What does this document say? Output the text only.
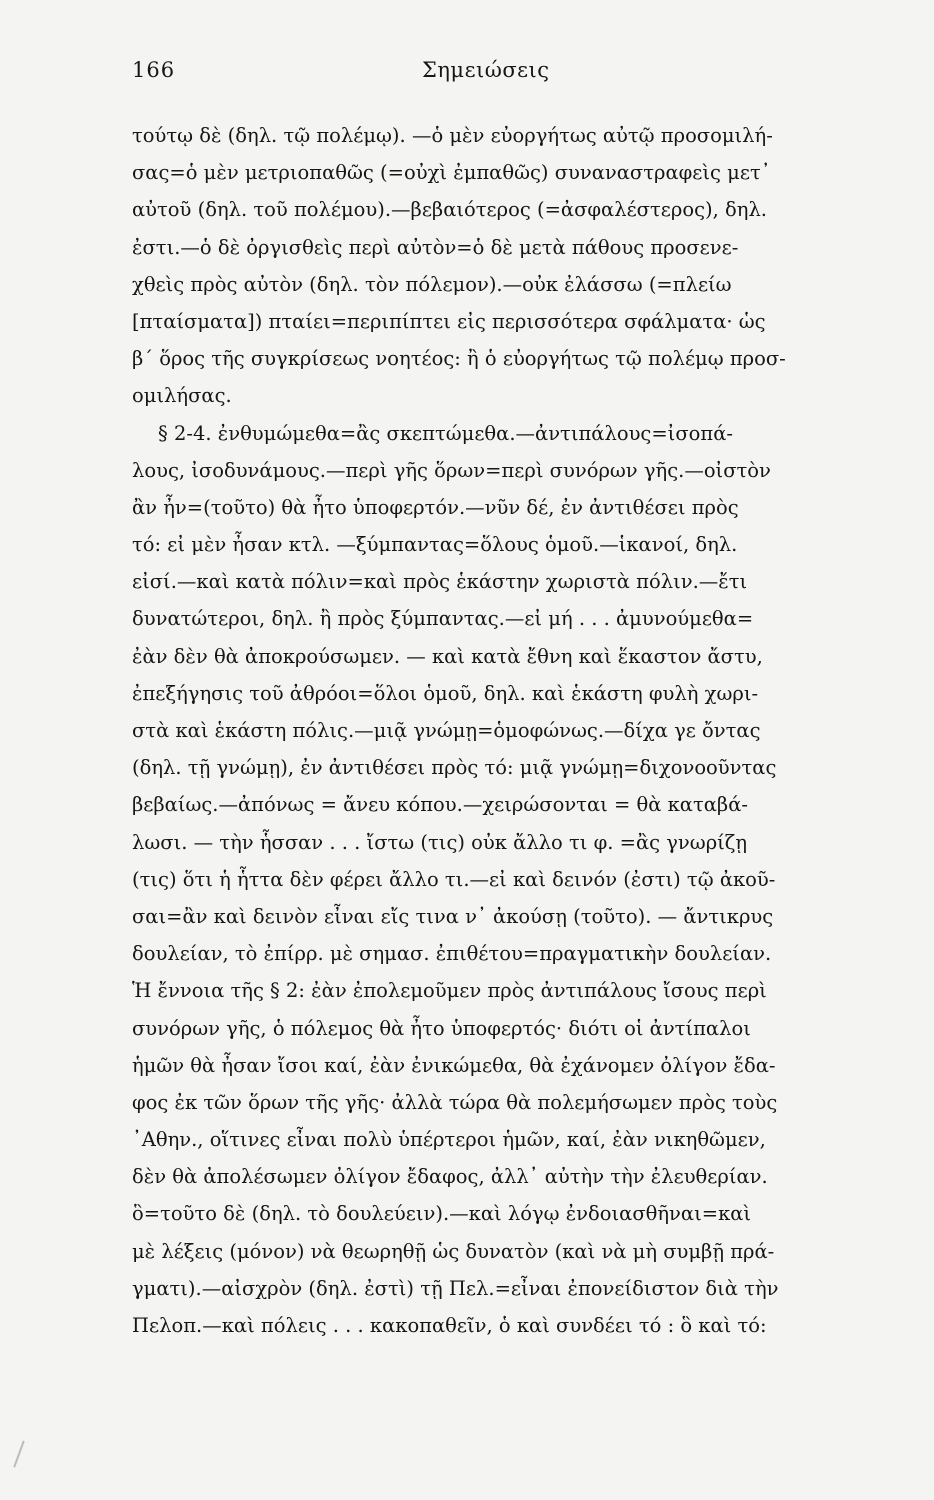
166	Σημειώσεις
τούτῳ δὲ (δηλ. τῷ πολέμῳ). —ὁ μὲν εὐοργήτως αὐτῷ προσομιλή-
σας=ὁ μὲν μετριοπαθῶς (=οὐχὶ ἐμπαθῶς) συναναστραφεὶς μετ᾽
αὐτοῦ (δηλ. τοῦ πολέμου).—βεβαιότερος (=ἀσφαλέστερος), δηλ.
ἐστι.—ὁ δὲ ὀργισθεὶς περὶ αὐτὸν=ὁ δὲ μετὰ πάθους προσενε-
χθεὶς πρὸς αὐτὸν (δηλ. τὸν πόλεμον).—οὐκ ἐλάσσω (=πλείω
[πταίσματα]) πταίει=περιπίπτει εἰς περισσότερα σφάλματα· ὡς
β΄ ὅρος τῆς συγκρίσεως νοητέος: ἢ ὁ εὐοργήτως τῷ πολέμῳ προσ-
ομιλήσας.
§ 2-4. ἐνθυμώμεθα=ἂς σκεπτώμεθα.—ἀντιπάλους=ἰσοπά-
λους, ἰσοδυνάμους.—περὶ γῆς ὅρων=περὶ συνόρων γῆς.—οἰστὸν
ἂν ἦν=(τοῦτο) θὰ ἦτο ὑποφερτόν.—νῦν δέ, ἐν ἀντιθέσει πρὸς
τό: εἰ μὲν ἦσαν κτλ. —ξύμπαντας=ὅλους ὁμοῦ.—ἱκανοί, δηλ.
εἰσί.—καὶ κατὰ πόλιν=καὶ πρὸς ἑκάστην χωριστὰ πόλιν.—ἔτι
δυνατώτεροι, δηλ. ἢ πρὸς ξύμπαντας.—εἰ μή . . . ἀμυνούμεθα=
ἐὰν δὲν θὰ ἀποκρούσωμεν. — καὶ κατὰ ἔθνη καὶ ἕκαστον ἄστυ,
ἐπεξήγησις τοῦ ἀθρόοι=ὅλοι ὁμοῦ, δηλ. καὶ ἑκάστη φυλὴ χωρι-
στὰ καὶ ἑκάστη πόλις.—μιᾷ γνώμῃ=ὁμοφώνως.—δίχα γε ὄντας
(δηλ. τῇ γνώμῃ), ἐν ἀντιθέσει πρὸς τό: μιᾷ γνώμῃ=διχονοοῦντας
βεβαίως.—ἀπόνως = ἄνευ κόπου.—χειρώσονται = θὰ καταβά-
λωσι. — τὴν ἧσσαν . . . ἴστω (τις) οὐκ ἄλλο τι φ. =ἂς γνωρίζῃ
(τις) ὅτι ἡ ἧττα δὲν φέρει ἄλλο τι.—εἰ καὶ δεινόν (ἐστι) τῷ ἀκοῦ-
σαι=ἂν καὶ δεινὸν εἶναι εἴς τινα ν᾽ ἀκούσῃ (τοῦτο). — ἄντικρυς
δουλείαν, τὸ ἐπίρρ. μὲ σημασ. ἐπιθέτου=πραγματικὴν δουλείαν.
Ἡ ἔννοια τῆς § 2: ἐὰν ἐπολεμοῦμεν πρὸς ἀντιπάλους ἴσους περὶ
συνόρων γῆς, ὁ πόλεμος θὰ ἦτο ὑποφερτός· διότι οἱ ἀντίπαλοι
ἡμῶν θὰ ἦσαν ἴσοι καί, ἐὰν ἐνικώμεθα, θὰ ἐχάνομεν ὀλίγον ἔδα-
φος ἐκ τῶν ὅρων τῆς γῆς· ἀλλὰ τώρα θὰ πολεμήσωμεν πρὸς τοὺς
᾽Αθην., οἵτινες εἶναι πολὺ ὑπέρτεροι ἡμῶν, καί, ἐὰν νικηθῶμεν,
δὲν θὰ ἀπολέσωμεν ὀλίγον ἔδαφος, ἀλλ᾽ αὐτὴν τὴν ἐλευθερίαν.
ὃ=τοῦτο δὲ (δηλ. τὸ δουλεύειν).—καὶ λόγῳ ἐνδοιασθῆναι=καὶ
μὲ λέξεις (μόνον) νὰ θεωρηθῇ ὡς δυνατὸν (καὶ νὰ μὴ συμβῇ πρά-
γματι).—αἰσχρὸν (δηλ. ἐστὶ) τῇ Πελ.=εἶναι ἐπονείδιστον διὰ τὴν
Πελοπ.—καὶ πόλεις . . . κακοπαθεῖν, ὁ καὶ συνδέει τό : ὃ καὶ τό:
